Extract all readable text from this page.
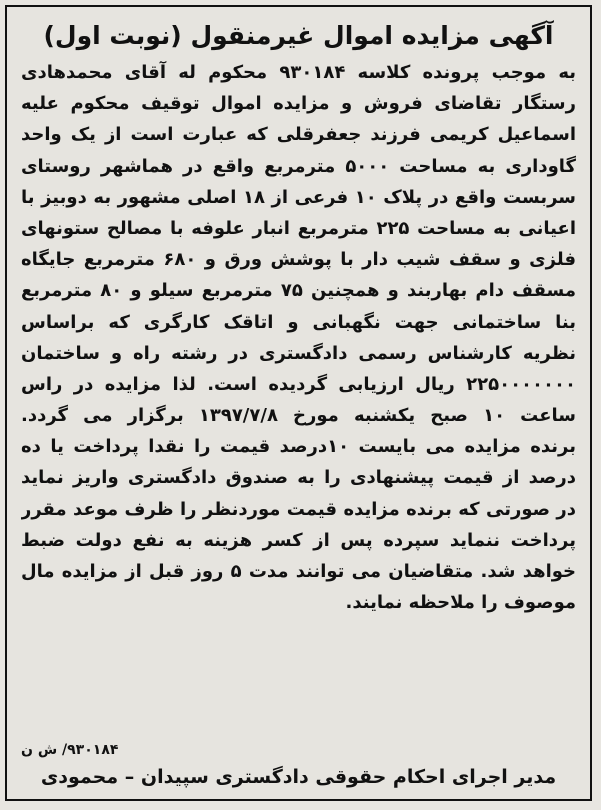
آگهی مزایده اموال غیرمنقول (نوبت اول)
به موجب پرونده کلاسه ۹۳۰۱۸۴ محکوم له آقای محمدهادی
رستگار تقاضای فروش و مزایده اموال توقیف محکوم علیه
اسماعیل کریمی فرزند جعفرقلی که عبارت است از یک واحد
گاوداری به مساحت ۵۰۰۰ مترمربع واقع در هماشهر روستای
سربست واقع در پلاک ۱۰ فرعی از ۱۸ اصلی مشهور به دوبیز با
اعیانی به مساحت ۲۲۵ مترمربع انبار علوفه با مصالح ستونهای
فلزی و سقف شیب دار با پوشش ورق و ۶۸۰ مترمربع جایگاه
مسقف دام بهاربند و همچنین ۷۵ مترمربع سیلو و ۸۰ مترمربع
بنا ساختمانی جهت نگهبانی و اتاقک کارگری که براساس
نظریه کارشناس رسمی دادگستری در رشته راه و ساختمان
۲۲۵۰۰۰۰۰۰۰ ریال ارزیابی گردیده است. لذا مزایده در راس
ساعت ۱۰ صبح یکشنبه مورخ ۱۳۹۷/۷/۸ برگزار می گردد.
برنده مزایده می بایست ۱۰درصد قیمت را نقدا پرداخت یا ده
درصد از قیمت پیشنهادی را به صندوق دادگستری واریز نماید
در صورتی که برنده مزایده قیمت موردنظر را ظرف موعد مقرر
پرداخت ننماید سپرده پس از کسر هزینه به نفع دولت ضبط
خواهد شد. متقاضیان می توانند مدت ۵ روز قبل از مزایده مال
موصوف را ملاحظه نمایند.
۹۳۰۱۸۴/ ش ن
مدیر اجرای احکام حقوقی دادگستری سپیدان – محمودی
